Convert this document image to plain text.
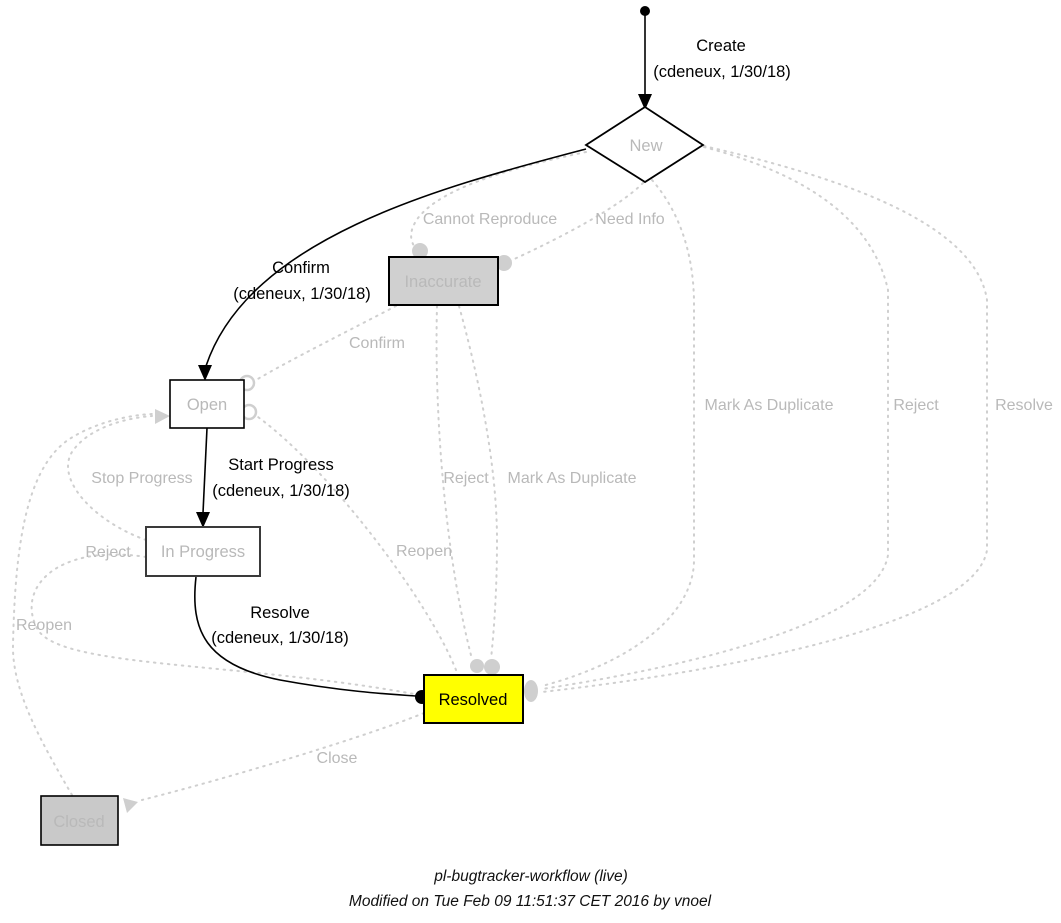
New
Inaccurate
Open
In Progress
Resolved
Closed
Create
(cdeneux, 1/30/18)
Confirm
(cdeneux, 1/30/18)
Start Progress
(cdeneux, 1/30/18)
Resolve
(cdeneux, 1/30/18)
Cannot Reproduce Need Info
Mark As Duplicate	Reject	Resolve
Confirm
Reject Mark As Duplicate
Stop Progress
Reject	Reopen
Reopen
Close
pl-bugtracker-workflow (live)
Modified on Tue Feb 09 11:51:37 CET 2016 by vnoel
